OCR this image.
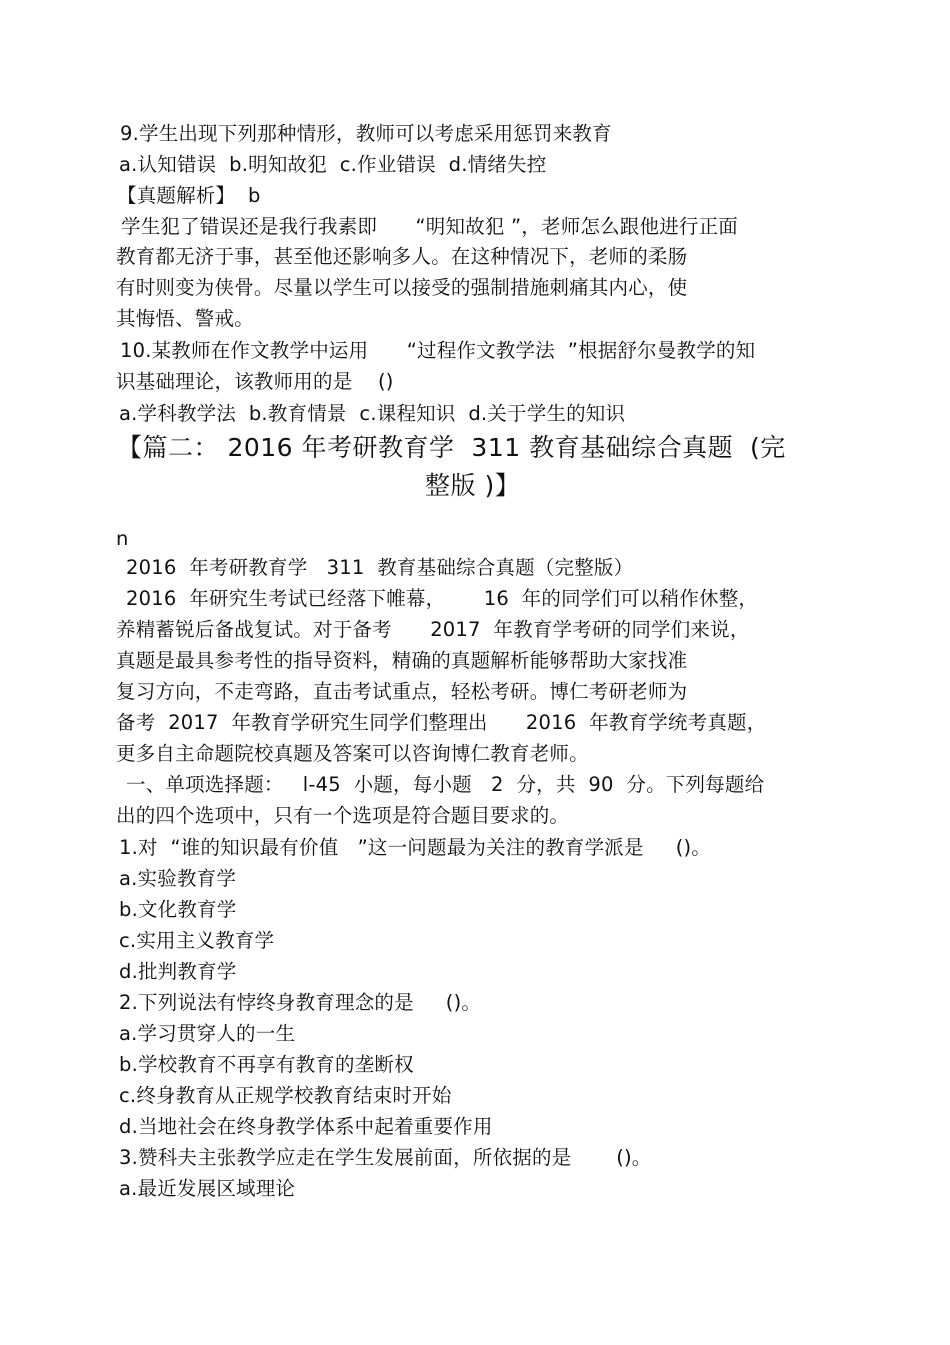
9.学生出现下列那种情形，教师可以考虑采用惩罚来教育
a.认知错误  b.明知故犯  c.作业错误  d.情绪失控
【真题解析】  b
学生犯了错误还是我行我素即      “明知故犯 ”，老师怎么跟他进行正面
教育都无济于事，甚至他还影响多人。在这种情况下，老师的柔肠
有时则变为侠骨。尽量以学生可以接受的强制措施刺痛其内心，使
其悔悟、警戒。
10.某教师在作文教学中运用      “过程作文教学法  ”根据舒尔曼教学的知
识基础理论，该教师用的是    ()
a.学科教学法  b.教育情景  c.课程知识  d.关于学生的知识
【篇二： 2016 年考研教育学  311 教育基础综合真题  (完
整版 )】
n
2016  年考研教育学   311  教育基础综合真题（完整版）
2016  年研究生考试已经落下帷幕，      16  年的同学们可以稍作休整，
养精蓄锐后备战复试。对于备考      2017  年教育学考研的同学们来说，
真题是最具参考性的指导资料，精确的真题解析能够帮助大家找准
复习方向，不走弯路，直击考试重点，轻松考研。博仁考研老师为
备考  2017  年教育学研究生同学们整理出      2016  年教育学统考真题，
更多自主命题院校真题及答案可以咨询博仁教育老师。
一、单项选择题：   l-45  小题，每小题   2  分，共  90  分。下列每题给
出的四个选项中，只有一个选项是符合题目要求的。
1.对  “谁的知识最有价值   ”这一问题最为关注的教育学派是     ()。
a.实验教育学
b.文化教育学
c.实用主义教育学
d.批判教育学
2.下列说法有悖终身教育理念的是     ()。
a.学习贯穿人的一生
b.学校教育不再享有教育的垄断权
c.终身教育从正规学校教育结束时开始
d.当地社会在终身教学体系中起着重要作用
3.赞科夫主张教学应走在学生发展前面，所依据的是       ()。
a.最近发展区域理论
